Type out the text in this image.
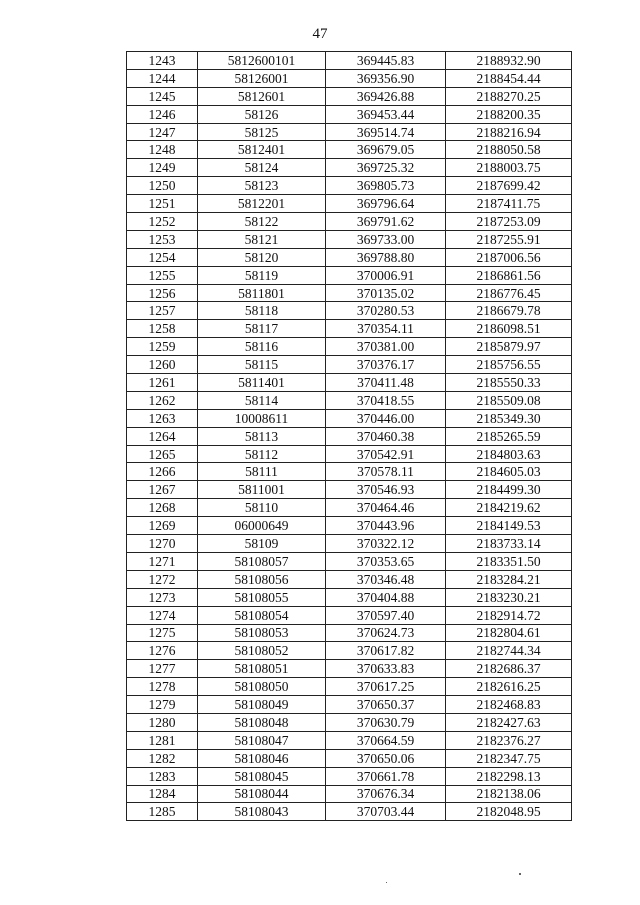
47
1243	5812600101	369445.83	2188932.90
1244	58126001	369356.90	2188454.44
1245	5812601	369426.88	2188270.25
1246	58126	369453.44	2188200.35
1247	58125	369514.74	2188216.94
1248	5812401	369679.05	2188050.58
1249	58124	369725.32	2188003.75
1250	58123	369805.73	2187699.42
1251	5812201	369796.64	2187411.75
1252	58122	369791.62	2187253.09
1253	58121	369733.00	2187255.91
1254	58120	369788.80	2187006.56
1255	58119	370006.91	2186861.56
1256	5811801	370135.02	2186776.45
1257	58118	370280.53	2186679.78
1258	58117	370354.11	2186098.51
1259	58116	370381.00	2185879.97
1260	58115	370376.17	2185756.55
1261	5811401	370411.48	2185550.33
1262	58114	370418.55	2185509.08
1263	10008611	370446.00	2185349.30
1264	58113	370460.38	2185265.59
1265	58112	370542.91	2184803.63
1266	58111	370578.11	2184605.03
1267	5811001	370546.93	2184499.30
1268	58110	370464.46	2184219.62
1269	06000649	370443.96	2184149.53
1270	58109	370322.12	2183733.14
1271	58108057	370353.65	2183351.50
1272	58108056	370346.48	2183284.21
1273	58108055	370404.88	2183230.21
1274	58108054	370597.40	2182914.72
1275	58108053	370624.73	2182804.61
1276	58108052	370617.82	2182744.34
1277	58108051	370633.83	2182686.37
1278	58108050	370617.25	2182616.25
1279	58108049	370650.37	2182468.83
1280	58108048	370630.79	2182427.63
1281	58108047	370664.59	2182376.27
1282	58108046	370650.06	2182347.75
1283	58108045	370661.78	2182298.13
1284	58108044	370676.34	2182138.06
1285	58108043	370703.44	2182048.95
